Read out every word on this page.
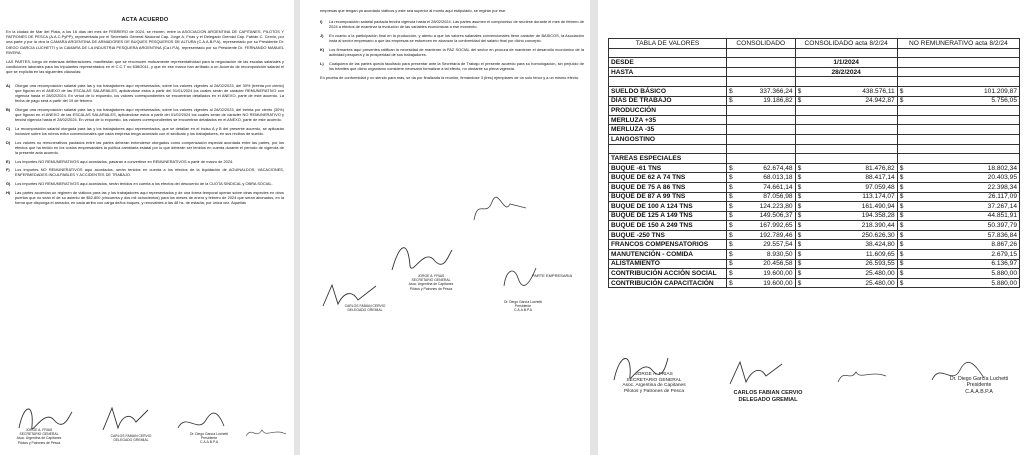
ACTA ACUERDO
En la ciudad de Mar del Plata, a los 16 días del mes de FEBRERO de 2024, se reúnen, entre la ASOCIACION ARGENTINA DE CAPITANES, PILOTOS Y PATRONES DE PESCA (A.A.C.PyPP), representada por el Secretario General Nacional Cap. Jorge A. Frías y el Delegado Gremial Cap. Fabián C. Cervio, por una parte y por la otra la CAMARA ARGENTINA DE ARMADORES DE BUQUES PESQUEROS DE ALTURA (C.A.A.B.P.A), representado por su Presidente Dr. DIEGO GARCIA LUCHETTI y la CAMARA DE LA INDUSTRIA PESQUERA ARGENTINA (Ca.I.P.A), representado por su Presidente Dr. FERNANDO MANUEL RIVERA.
LAS PARTES, luego de extensas deliberaciones, manifiestan que se reconocen mutuamente representatividad para la negociación de las escalas salariales y condiciones laborales para los tripulantes representados en el C.C.T no 638/2011, y que en ese marco han arribado a un Acuerdo de recomposición salarial el que se explicita en las siguientes cláusulas:
A)	Otorgar una recomposición salarial para las y los trabajadores aquí representados, sobre los valores vigentes al 28/02/2023, del 30% (treinta por ciento) que figuran en el ANEXO de las ESCALAS SALARIALES, aplicándose estos a partir del 01/01/2024 los cuales serán de carácter REMUNERATIVO con vigencia hasta el 28/02/2024. En virtud de lo expuesto, los valores correspondientes se encuentran detallados en el ANEXO, parte de este acuerdo. La fecha de pago será a partir del 19 de febrero.
B)	Otorgar una recomposición salarial para las y los trabajadores aquí representados, sobre los valores vigentes al 28/02/2023, del treinta por ciento (30%) que figuran en el ANEXO de las ESCALAS SALARIALES, aplicándose estos a partir del 01/02/2024 los cuales serán de carácter NO REMUNERATIVO y tendrá vigencia hasta el 28/02/2024. En virtud de lo expuesto, los valores correspondientes se encuentran detallados en el ANEXO, parte de este acuerdo.
C)	La recomposición salarial otorgada para las y los trabajadores aquí representados, que se detallan en el inciso A y B del presente acuerdo, se aplicarán inclusive sobre los rubros extra convencionales que cada empresa tenga acordado con el sindicato y los trabajadores, en sus recibos de sueldo.
D)	Los valores no remunerativos pactados entre las partes deberán entenderse otorgados como compensación especial acordada entre las partes, por los efectos que ha tenido en los costos empresariales la política cambiaria estatal por lo que deberán ser tenidos en cuenta durante el período de vigencia de la presente acta acuerdo.
E)	Los importes NO REMUNERATIVOS aquí acordados, pasaran a convertirse en REMUNERATIVOS a partir de marzo de 2024.
F)	Los importes NO REMUNERATIVOS aquí acordados, serán tenidos en cuenta a los efectos de la liquidación de AGUINALDOS, VACACIONES, ENFERMEDADES INCULPABLES Y ACCIDENTES DE TRABAJO.
G)	Los importes NO REMUNERATIVOS aquí acordados, serán tenidos en cuenta a los efectos del descuento de la CUOTA SINDICAL y OBRA SOCIAL.
H)	Las partes acuerdan un régimen de viáticos para las y los trabajadores aquí representados y de una forma temporal operan sobre otras especies en otros puertos que no sean el de su asiento de $52.800 (cincuenta y dos mil ochocientos) para los meses de enero y febrero de 2024 que serán abonados, en la forma que disponga el armador, en cada arribo con carga de/los buques, y renovables a las 48 hs. de estadía, por única vez. Aquellas
JORGE A. FRIAS
SECRETARIO GENERAL
Asoc. Argentina de Capitanes
Pilotos y Patrones de Pesca
CARLOS FABIAN CERVIO
DELEGADO GREMIAL
Dr. Diego García Luchetti
Presidente
C.A.A.B.P.A
empresas que tengan ya acordado viáticos y este sea superior al monto aquí estipulado, se regirán por ese.
I)	La recomposición salarial pactada tendrá vigencia hasta el 28/02/2024. Las partes asumen el compromiso de reunirse durante el mes de febrero de 2024 a efectos de examinar la evolución de las variables económicas a ese momento.
J)	En cuanto a la participación final en la producción, y atento a que los valores salariales convencionales tiene carácter de BASICOS, la Asociación insta al sector empresario a que las empresas se esfuercen en alcanzar la conformidad del salario final por dicho concepto.
K)	Los firmantes aquí presentes ratifican la necesidad de mantener la PAZ SOCIAL del sector en procura de mantener el desarrollo económico de la actividad pesquera y la prosperidad de sus trabajadores.
L)	Cualquiera de las partes queda facultado para presentar ante la Secretaría de Trabajo el presente acuerdo para su homologación, sin perjuicio de los trámites que dicho organismo considere necesario formalizar a tal efecto, no obstante su plena vigencia.
En prueba de conformidad y no siendo para más, se da por finalizada la reunión, firmándose 3 (tres) ejemplares de un solo tenor y a un mismo efecto.
JORGE A. FRIAS
SECRETARIO GENERAL
Asoc. Argentina de Capitanes
Pilotos y Patrones de Pesca
PARTE EMPRESARIA
CARLOS FABIAN CERVIO
DELEGADO GREMIAL
Dr. Diego García Luchetti
Presidente
C.A.A.B.P.A
TABLA DE VALORES	CONSOLIDADO		CONSOLIDADO acta 8/2/24		NO REMUNERATIVO acta 8/2/24	

DESDE			1/1/2024			
HASTA			28/2/2024			

SUELDO BÁSICO	$	337.366,24	$	438.576,11	$	101.209,87
DÍAS DE TRABAJO	$	19.186,82	$	24.942,87	$	5.756,05
PRODUCCIÓN						
MERLUZA +35						
MERLUZA -35						
LANGOSTINO						

TAREAS ESPECIALES						
BUQUE -61 TNS	$	62.674,48	$	81.476,82	$	18.802,34
BUQUE DE 62 A 74 TNS	$	68.013,18	$	88.417,14	$	20.403,95
BUQUE DE 75 A 86 TNS	$	74.661,14	$	97.059,48	$	22.398,34
BUQUE DE 87 A 99 TNS	$	87.056,98	$	113.174,07	$	26.117,09
BUQUE DE 100 A 124 TNS	$	124.223,80	$	161.490,94	$	37.267,14
BUQUE DE 125 A 149 TNS	$	149.506,37	$	194.358,28	$	44.851,91
BUQUE DE 150 A 249 TNS	$	167.992,65	$	218.390,44	$	50.397,79
BUQUE -250 TNS	$	192.789,46	$	250.626,30	$	57.836,84
FRANCOS COMPENSATORIOS	$	29.557,54	$	38.424,80	$	8.867,26
MANUTENCIÓN - COMIDA	$	8.930,50	$	11.609,65	$	2.679,15
ALISTAMIENTO	$	20.456,58	$	26.593,55	$	6.136,97
CONTRIBUCIÓN ACCIÓN SOCIAL	$	19.600,00	$	25.480,00	$	5.880,00
CONTRIBUCIÓN CAPACITACIÓN	$	19.600,00	$	25.480,00	$	5.880,00
JORGE A. FRIAS
SECRETARIO GENERAL
Asoc. Argentina de Capitanes
Pilotos y Patrones de Pesca	CARLOS FABIAN CERVIO
DELEGADO GREMIAL
Dr. Diego García Luchetti
Presidente
C.A.A.B.P.A
